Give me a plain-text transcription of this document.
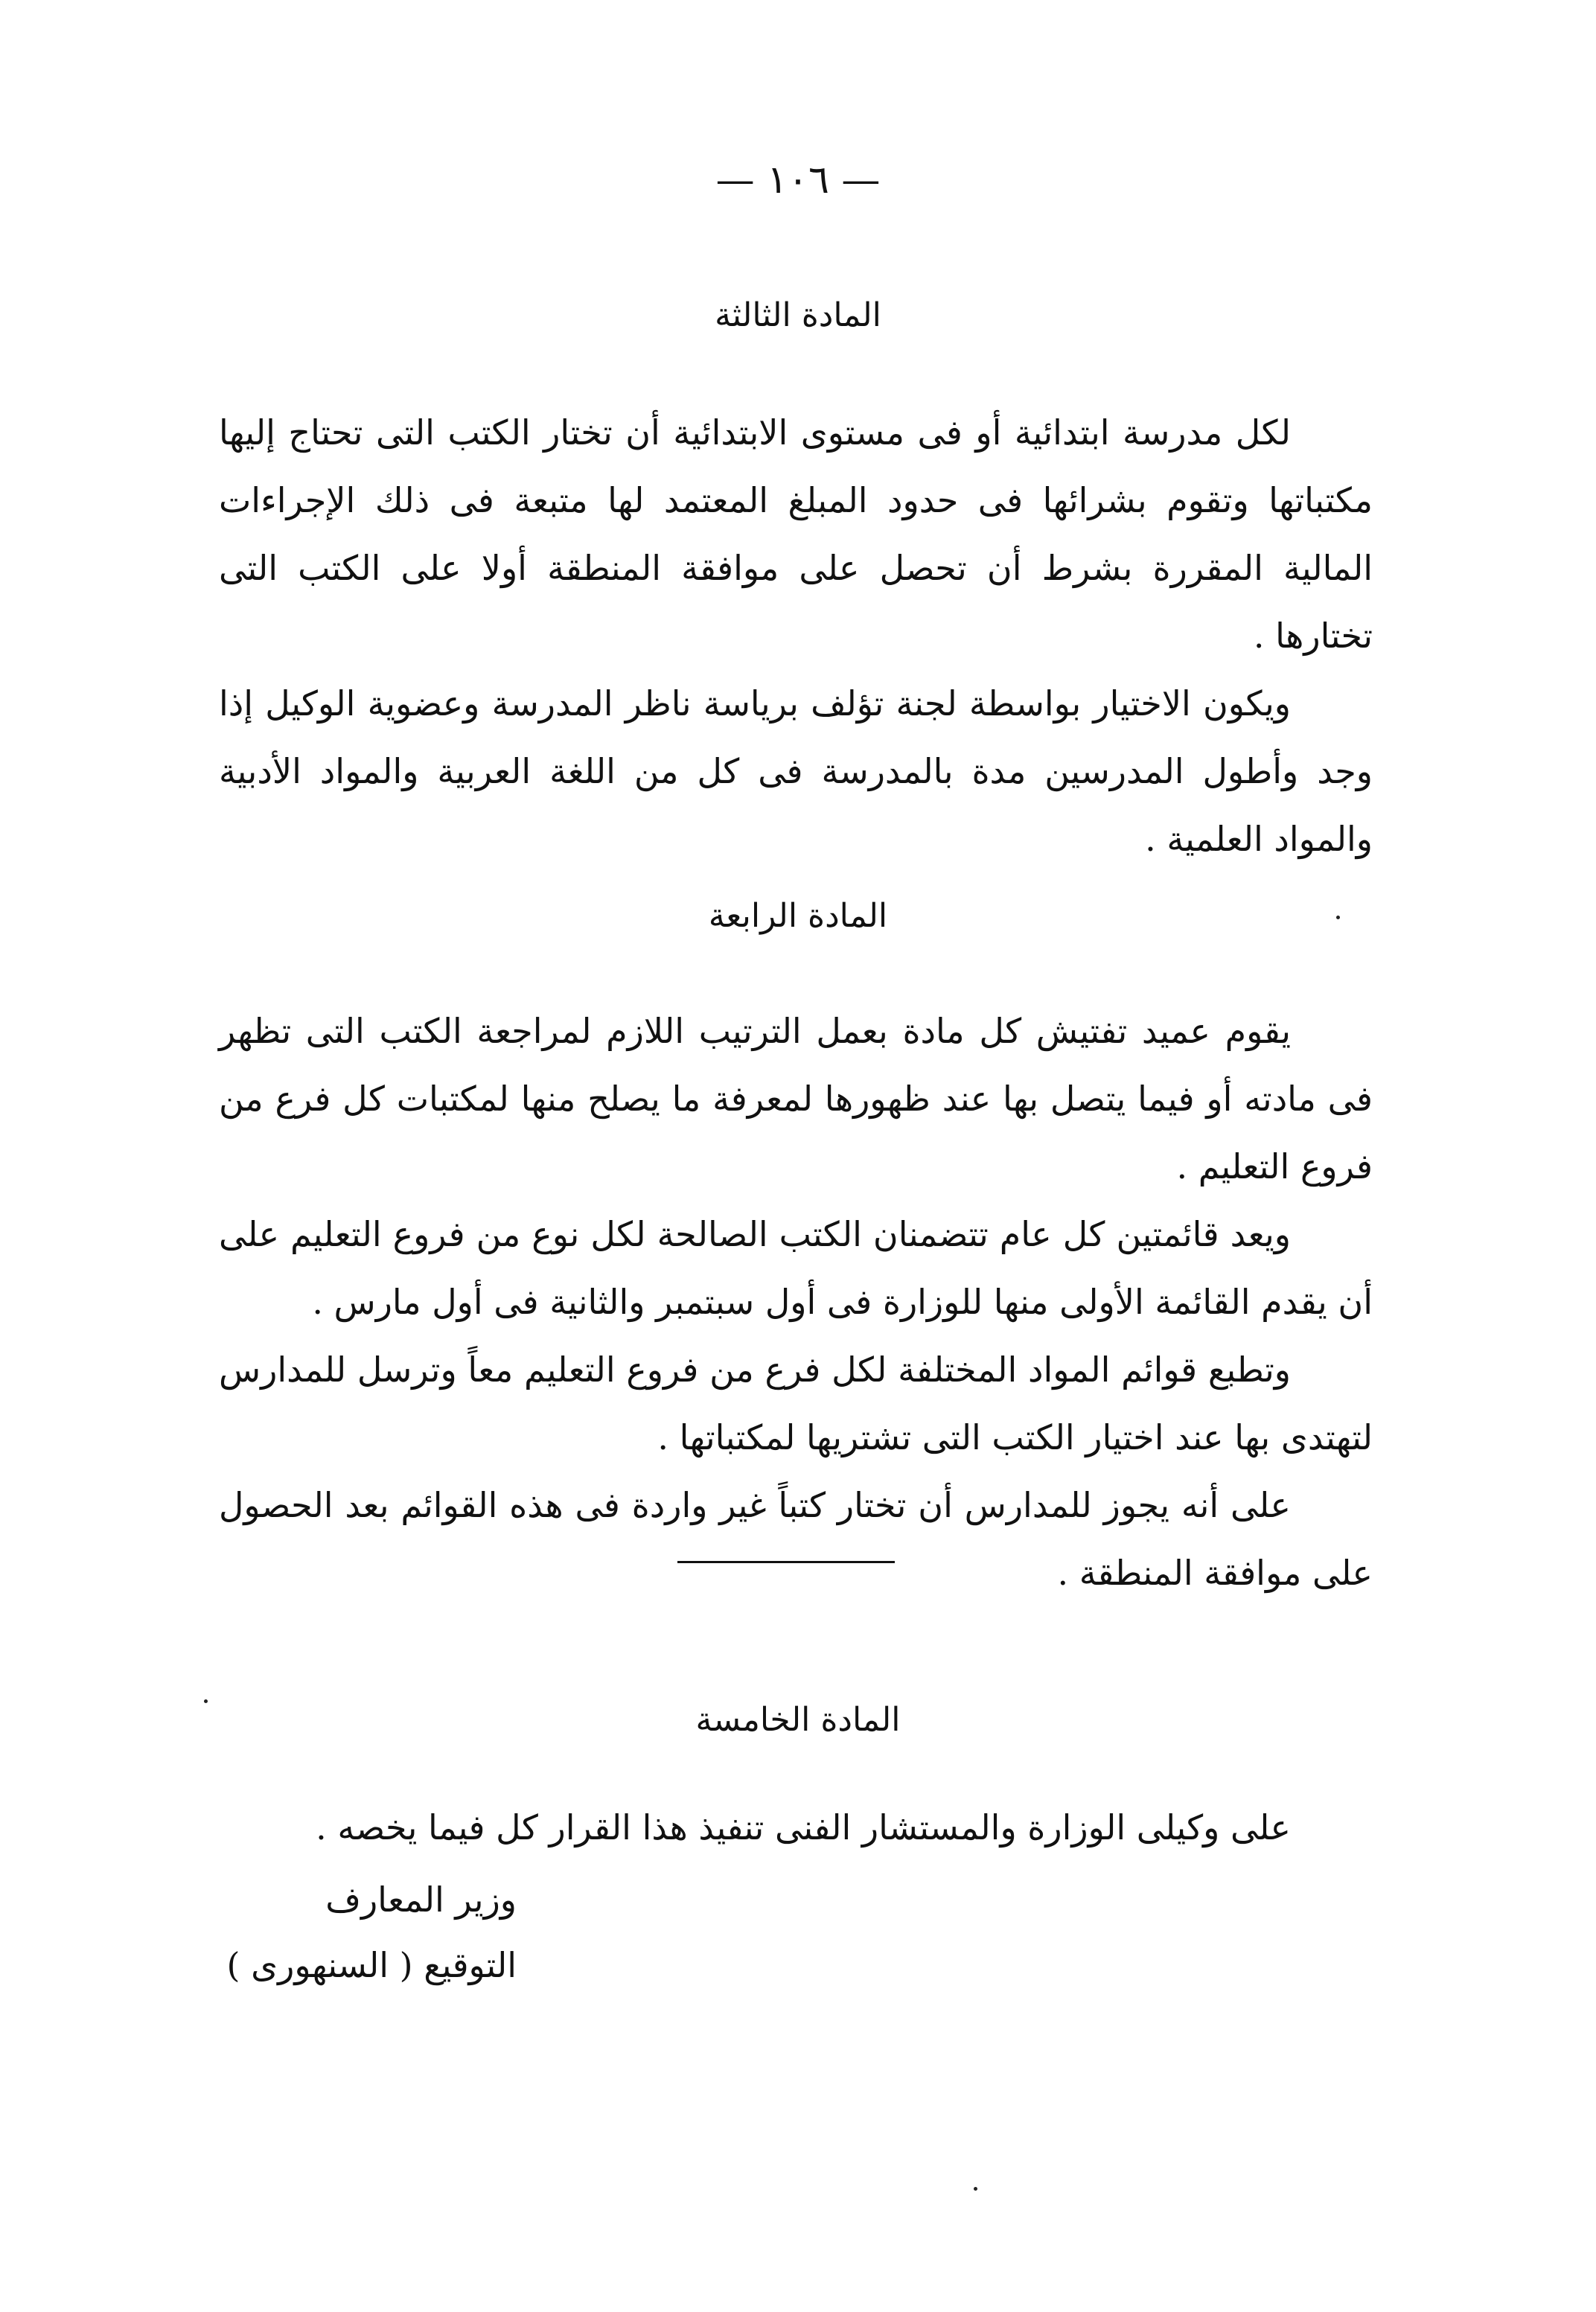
— ١٠٦ —
المادة الثالثة

لكل مدرسة ابتدائية أو فى مستوى الابتدائية أن تختار الكتب التى تحتاج إليها مكتباتها وتقوم بشرائها فى حدود المبلغ المعتمد لها متبعة فى ذلك الإجراءات المالية المقررة بشرط أن تحصل على موافقة المنطقة أولا على الكتب التى تختارها .

ويكون الاختيار بواسطة لجنة تؤلف برياسة ناظر المدرسة وعضوية الوكيل إذا وجد وأطول المدرسين مدة بالمدرسة فى كل من اللغة العربية والمواد الأدبية والمواد العلمية .

المادة الرابعة

يقوم عميد تفتيش كل مادة بعمل الترتيب اللازم لمراجعة الكتب التى تظهر فى مادته أو فيما يتصل بها عند ظهورها لمعرفة ما يصلح منها لمكتبات كل فرع من فروع التعليم .

ويعد قائمتين كل عام تتضمنان الكتب الصالحة لكل نوع من فروع التعليم على أن يقدم القائمة الأولى منها للوزارة فى أول سبتمبر والثانية فى أول مارس .

وتطبع قوائم المواد المختلفة لكل فرع من فروع التعليم معاً وترسل للمدارس لتهتدى بها عند اختيار الكتب التى تشتريها لمكتباتها .

على أنه يجوز للمدارس أن تختار كتباً غير واردة فى هذه القوائم بعد الحصول على موافقة المنطقة .

المادة الخامسة

على وكيلى الوزارة والمستشار الفنى تنفيذ هذا القرار كل فيما يخصه .

وزير المعارف
التوقيع ( السنهورى )
